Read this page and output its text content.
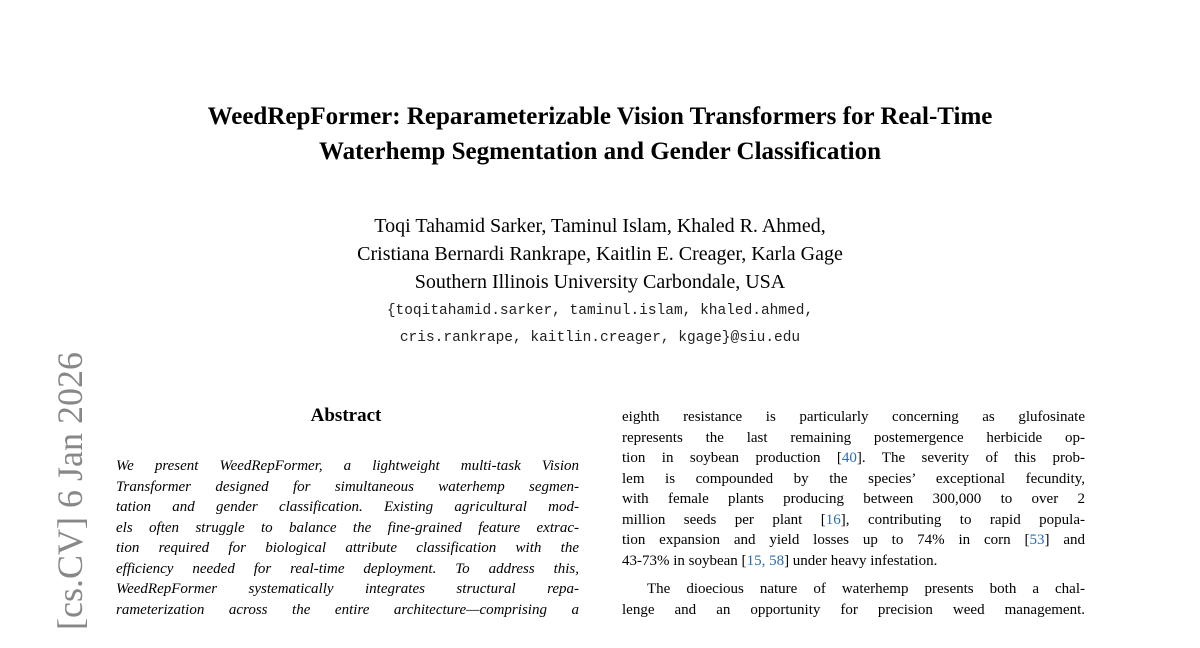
[cs.CV] 6 Jan 2026
WeedRepFormer: Reparameterizable Vision Transformers for Real-Time
Waterhemp Segmentation and Gender Classification
Toqi Tahamid Sarker, Taminul Islam, Khaled R. Ahmed,
Cristiana Bernardi Rankrape, Kaitlin E. Creager, Karla Gage
Southern Illinois University Carbondale, USA
{toqitahamid.sarker, taminul.islam, khaled.ahmed,
cris.rankrape, kaitlin.creager, kgage}@siu.edu
Abstract
We present WeedRepFormer, a lightweight multi-task Vision
Transformer designed for simultaneous waterhemp segmen-
tation and gender classification. Existing agricultural mod-
els often struggle to balance the fine-grained feature extrac-
tion required for biological attribute classification with the
efficiency needed for real-time deployment. To address this,
WeedRepFormer systematically integrates structural repa-
rameterization across the entire architecture—comprising a
eighth resistance is particularly concerning as glufosinate
represents the last remaining postemergence herbicide op-
tion in soybean production [40]. The severity of this prob-
lem is compounded by the species’ exceptional fecundity,
with female plants producing between 300,000 to over 2
million seeds per plant [16], contributing to rapid popula-
tion expansion and yield losses up to 74% in corn [53] and
43-73% in soybean [15, 58] under heavy infestation.
The dioecious nature of waterhemp presents both a chal-
lenge and an opportunity for precision weed management.
